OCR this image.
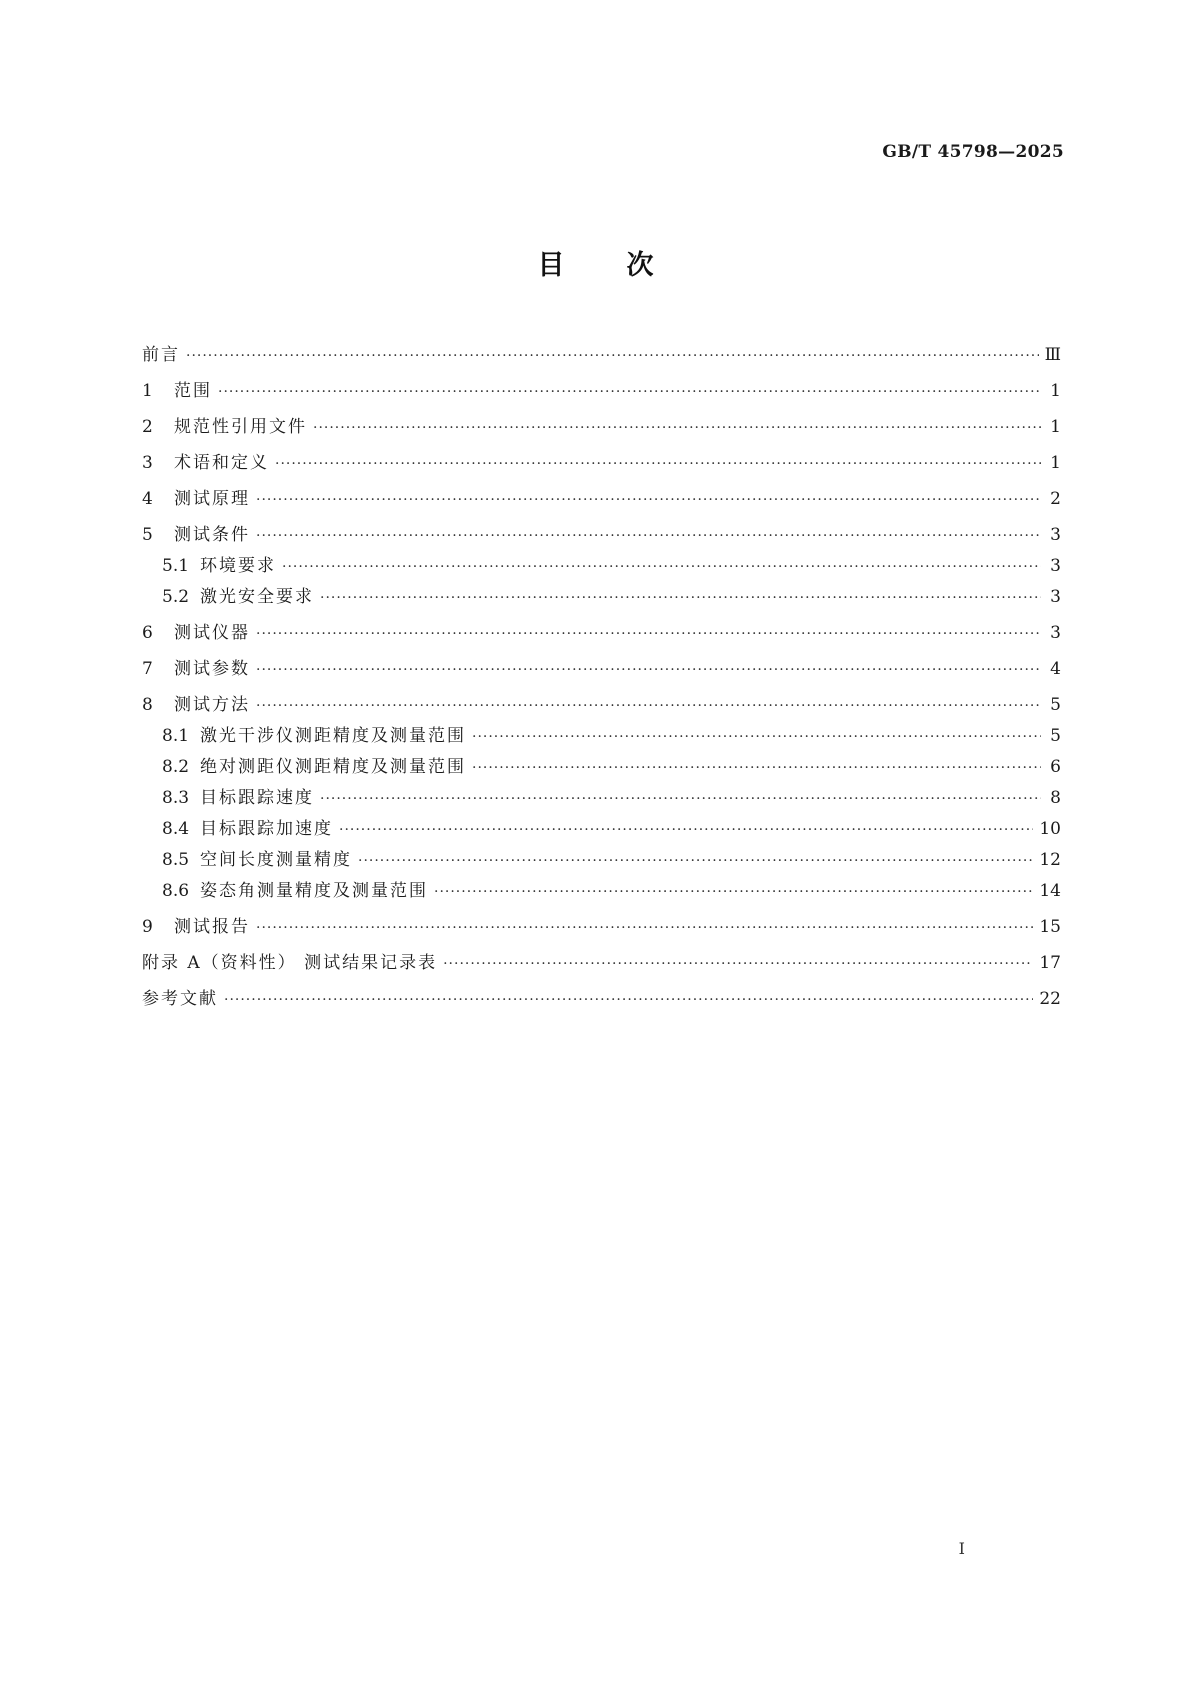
GB/T 45798—2025
目次
前言 ·····	Ⅲ
1	范围 ·····	1
2	规范性引用文件 ·····	1
3	术语和定义 ·····	1
4	测试原理 ·····	2
5	测试条件 ·····	3
5.1 环境要求 ·····	3
5.2 激光安全要求 ·····	3
6	测试仪器 ·····	3
7	测试参数 ·····	4
8	测试方法 ·····	5
8.1 激光干涉仪测距精度及测量范围 ·····	5
8.2 绝对测距仪测距精度及测量范围 ·····	6
8.3 目标跟踪速度 ·····	8
8.4 目标跟踪加速度 ·····	10
8.5 空间长度测量精度 ·····	12
8.6 姿态角测量精度及测量范围 ·····	14
9	测试报告 ·····	15
附录 A（资料性） 测试结果记录表 ·····	17
参考文献 ·····	22
Ⅰ
